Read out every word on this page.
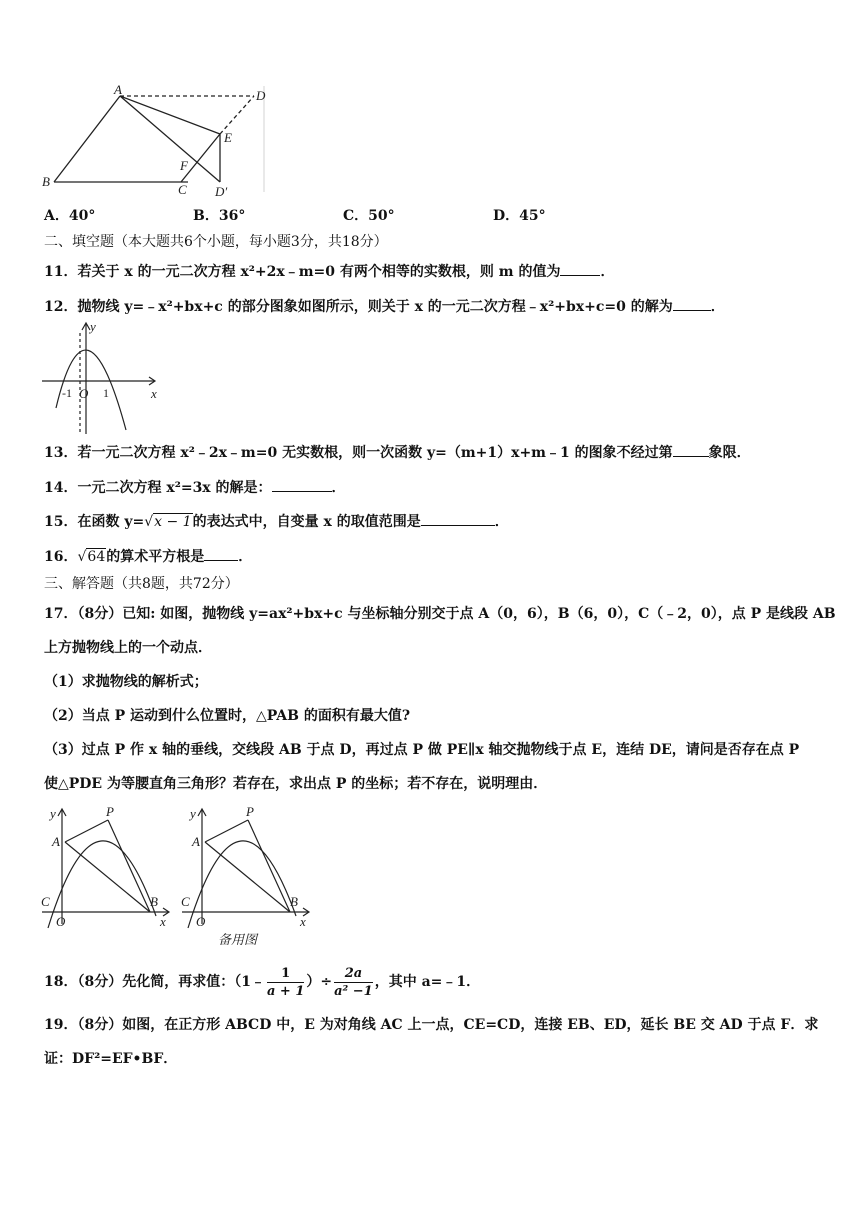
A	D
E
F
B
C D′
A．40°	B．36°	C．50°	D．45°
二、填空题（本大题共6个小题，每小题3分，共18分）
11．若关于 x 的一元二次方程 x²+2x﹣m=0 有两个相等的实数根，则 m 的值为	．
12．抛物线 y=﹣x²+bx+c 的部分图象如图所示，则关于 x 的一元二次方程﹣x²+bx+c=0 的解为	．
y
x
-1 O 1
13．若一元二次方程 x²﹣2x﹣m=0 无实数根，则一次函数 y=（m+1）x+m﹣1 的图象不经过第	象限．
14．一元二次方程 x²=3x 的解是：	．
15．在函数 y=√x − 1的表达式中，自变量 x 的取值范围是	．
16．√64的算术平方根是 ．
三、解答题（共8题，共72分）
17．（8分）已知: 如图，抛物线 y=ax²+bx+c 与坐标轴分别交于点 A（0，6），B（6，0），C（﹣2，0），点 P 是线段 AB
上方抛物线上的一个动点．
（1）求抛物线的解析式；
（2）当点 P 运动到什么位置时，△PAB 的面积有最大值?
（3）过点 P 作 x 轴的垂线，交线段 AB 于点 D，再过点 P 做 PE∥x 轴交抛物线于点 E，连结 DE，请问是否存在点 P
使△PDE 为等腰直角三角形？若存在，求出点 P 的坐标；若不存在，说明理由．
y	P
A
C
O
B
x
y	P
A
C
O
B
x
备用图
18．（8分）先化简，再求值：（1﹣ $\frac{1}{a + 1}$ ）÷ $\frac{2a}{\text{a² −1}}$ ，其中 a=﹣1．
19．（8分）如图，在正方形 ABCD 中，E 为对角线 AC 上一点，CE=CD，连接 EB、ED，延长 BE 交 AD 于点 F．求
证：DF²=EF•BF．
